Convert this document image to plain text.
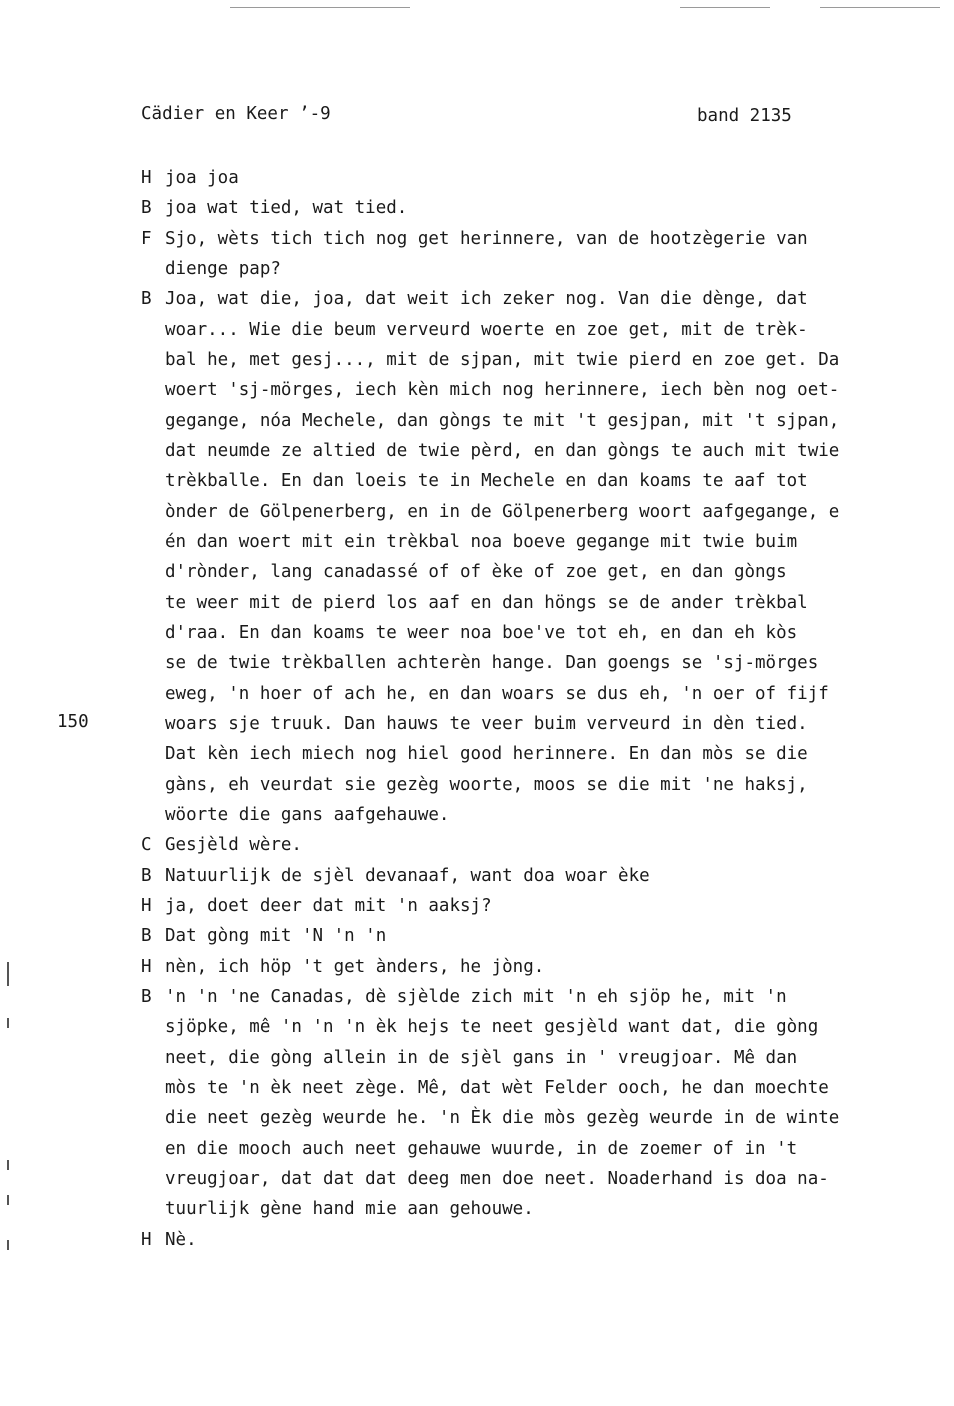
Cädier en Keer ’-9	band 2135
150
H joa joa
B joa wat tied, wat tied.
F Sjo, wèts tich tich nog get herinnere, van de hootzègerie van
dienge pap?
B Joa, wat die, joa, dat weit ich zeker nog. Van die dènge, dat
woar... Wie die beum verveurd woerte en zoe get, mit de trèk-
bal he, met gesj..., mit de sjpan, mit twie pierd en zoe get. Da
woert 'sj-mörges, iech kèn mich nog herinnere, iech bèn nog oet-
gegange, nóa Mechele, dan gòngs te mit 't gesjpan, mit 't sjpan,
dat neumde ze altied de twie pèrd, en dan gòngs te auch mit twie
trèkballe. En dan loeis te in Mechele en dan koams te aaf tot
ònder de Gölpenerberg, en in de Gölpenerberg woort aafgegange, e
én dan woert mit ein trèkbal noa boeve gegange mit twie buim
d'rònder, lang canadassé of of èke of zoe get, en dan gòngs
te weer mit de pierd los aaf en dan höngs se de ander trèkbal
d'raa. En dan koams te weer noa boe've tot eh, en dan eh kòs
se de twie trèkballen achterèn hange. Dan goengs se 'sj-mörges
eweg, 'n hoer of ach he, en dan woars se dus eh, 'n oer of fijf
woars sje truuk. Dan hauws te veer buim verveurd in dèn tied.
Dat kèn iech miech nog hiel good herinnere. En dan mòs se die
gàns, eh veurdat sie gezèg woorte, moos se die mit 'ne haksj,
wöorte die gans aafgehauwe.
C Gesjèld wère.
B Natuurlijk de sjèl devanaaf, want doa woar èke
H ja, doet deer dat mit 'n aaksj?
B Dat gòng mit 'N 'n 'n
H nèn, ich höp 't get ànders, he jòng.
B 'n 'n 'ne Canadas, dè sjèlde zich mit 'n eh sjöp he, mit 'n
sjöpke, mê 'n 'n 'n èk hejs te neet gesjèld want dat, die gòng
neet, die gòng allein in de sjèl gans in ' vreugjoar. Mê dan
mòs te 'n èk neet zège. Mê, dat wèt Felder ooch, he dan moechte
die neet gezèg weurde he. 'n Èk die mòs gezèg weurde in de winte
en die mooch auch neet gehauwe wuurde, in de zoemer of in 't
vreugjoar, dat dat dat deeg men doe neet. Noaderhand is doa na-
tuurlijk gène hand mie aan gehouwe.
H Nè.
